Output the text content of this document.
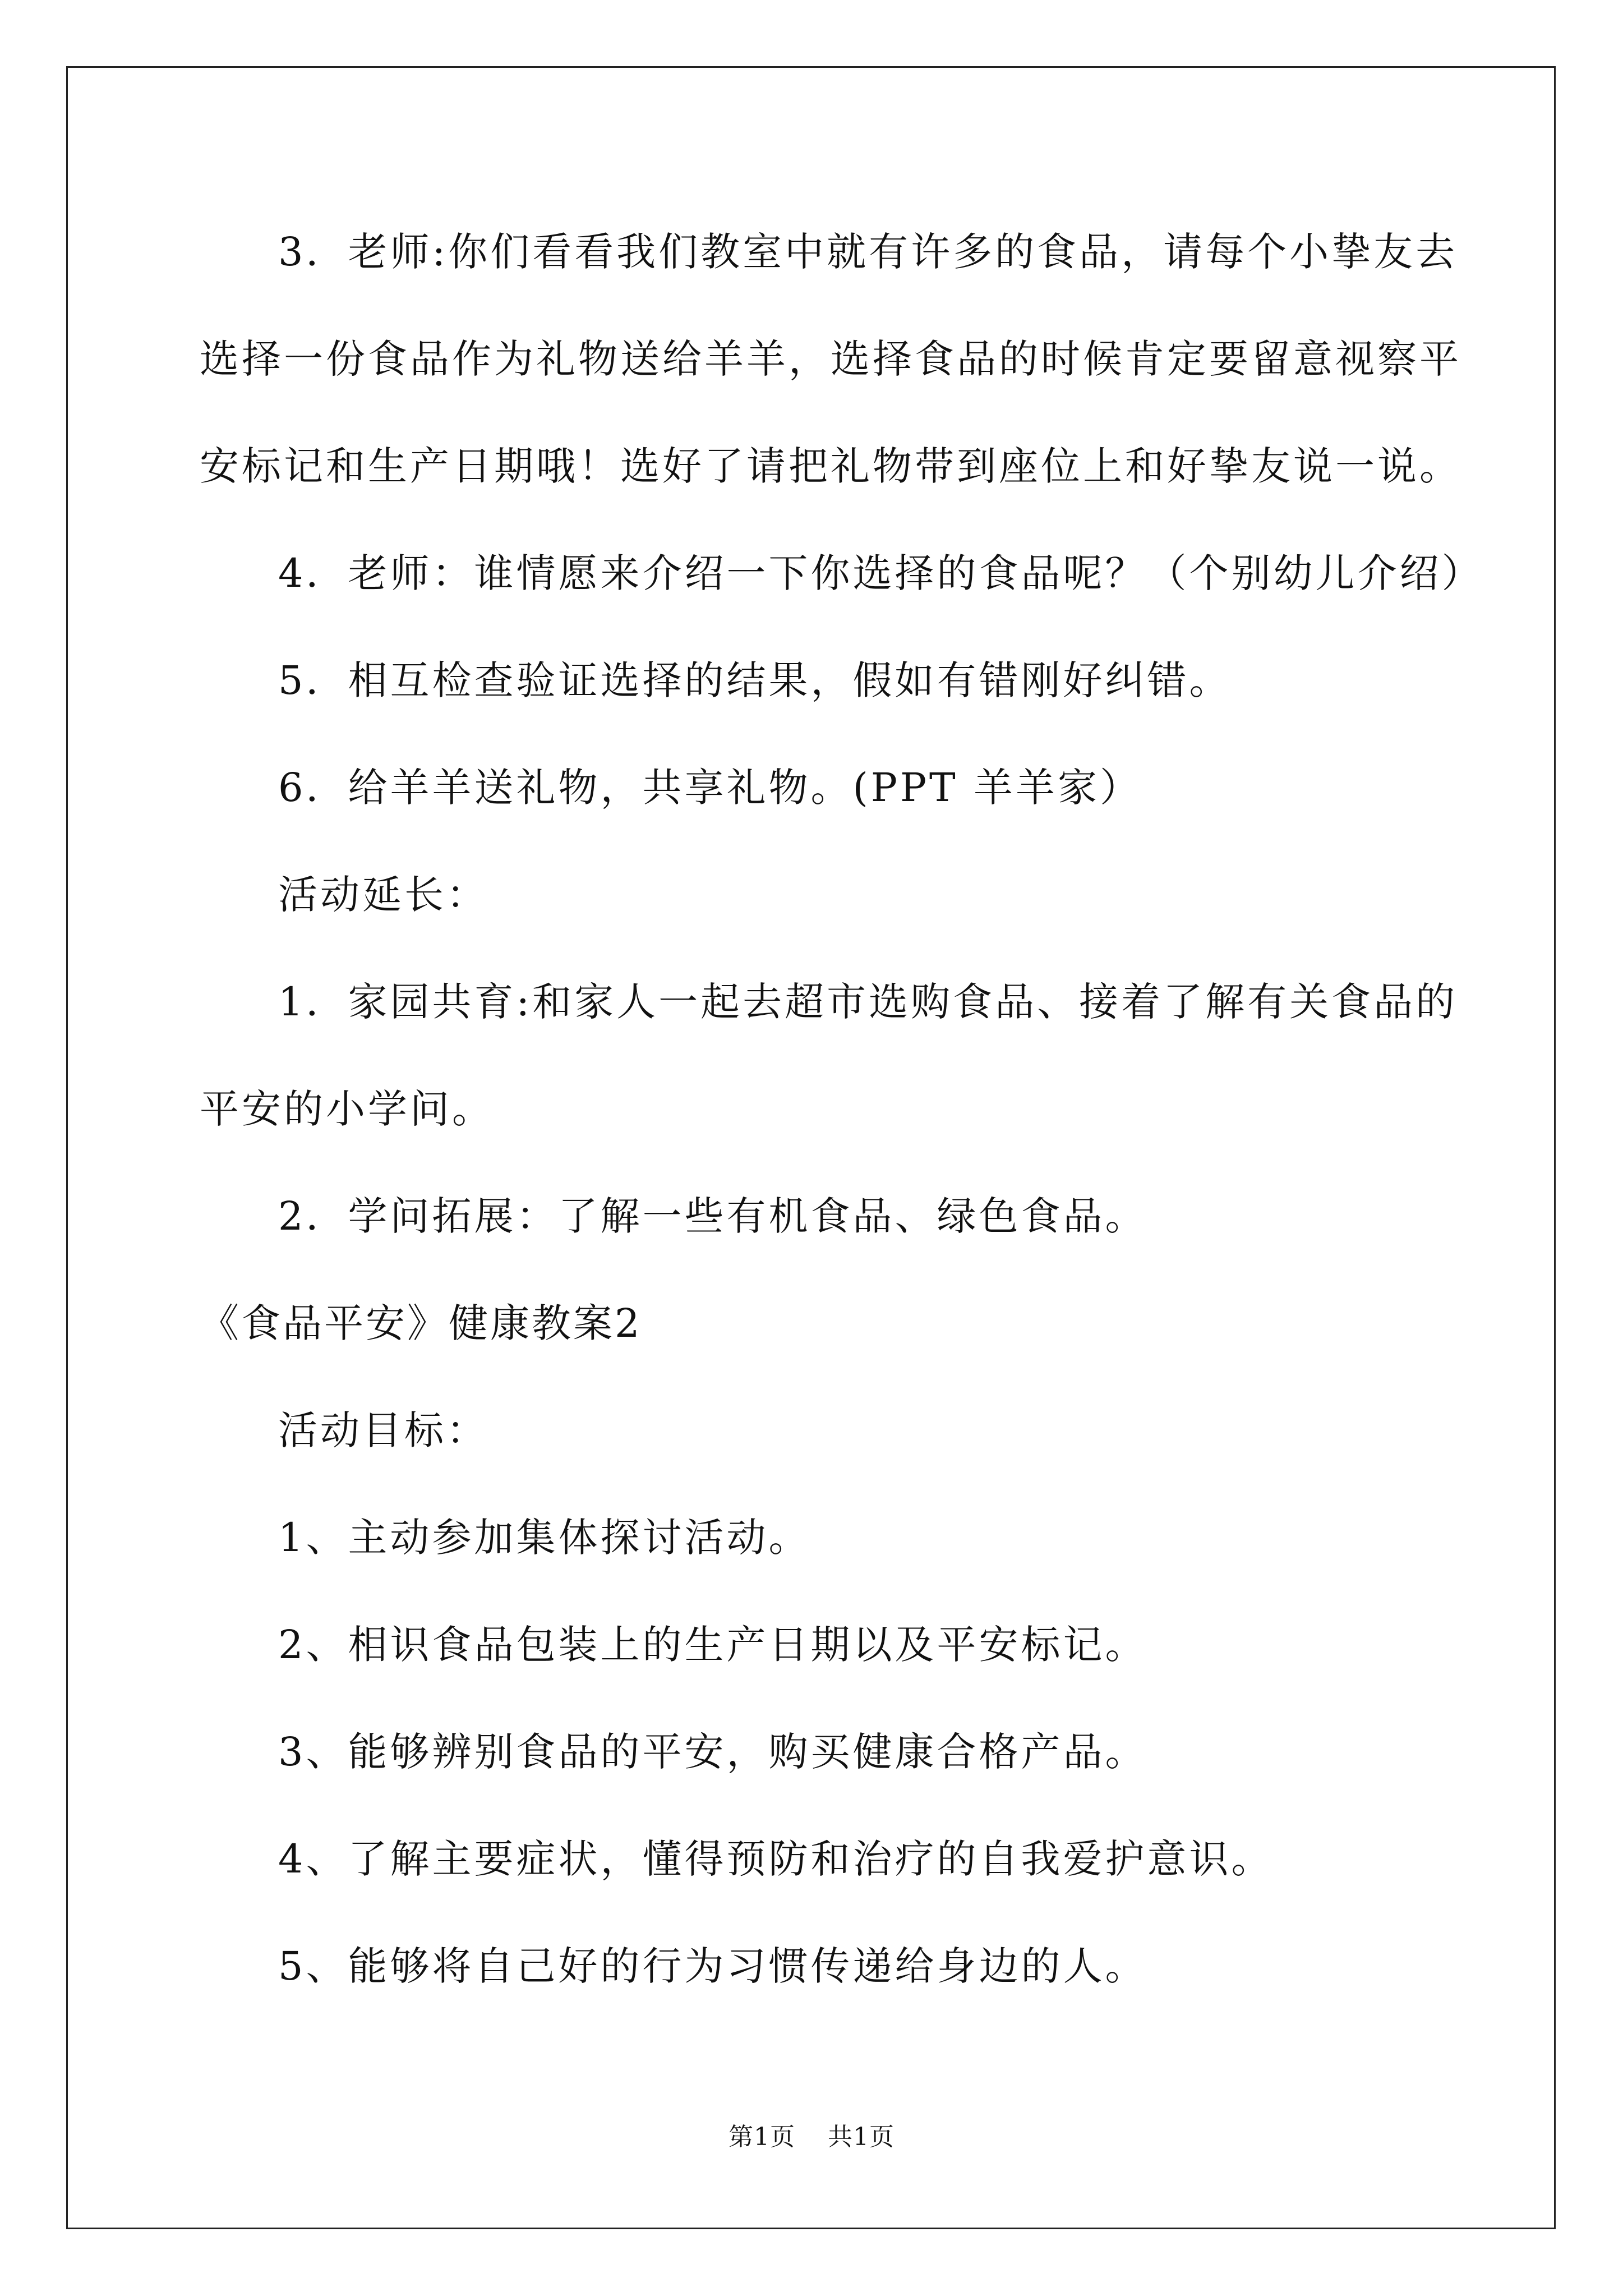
3．老师:你们看看我们教室中就有许多的食品，请每个小挚友去
选择一份食品作为礼物送给羊羊，选择食品的时候肯定要留意视察平
安标记和生产日期哦！选好了请把礼物带到座位上和好挚友说一说。
4．老师：谁情愿来介绍一下你选择的食品呢？（个别幼儿介绍）
5．相互检查验证选择的结果，假如有错刚好纠错。
6．给羊羊送礼物，共享礼物。(PPT 羊羊家）
活动延长：
1．家园共育:和家人一起去超市选购食品、接着了解有关食品的
平安的小学问。
2．学问拓展：了解一些有机食品、绿色食品。
《食品平安》健康教案2
活动目标：
1、主动参加集体探讨活动。
2、相识食品包装上的生产日期以及平安标记。
3、能够辨别食品的平安，购买健康合格产品。
4、了解主要症状，懂得预防和治疗的自我爱护意识。
5、能够将自己好的行为习惯传递给身边的人。
第1页 共1页
